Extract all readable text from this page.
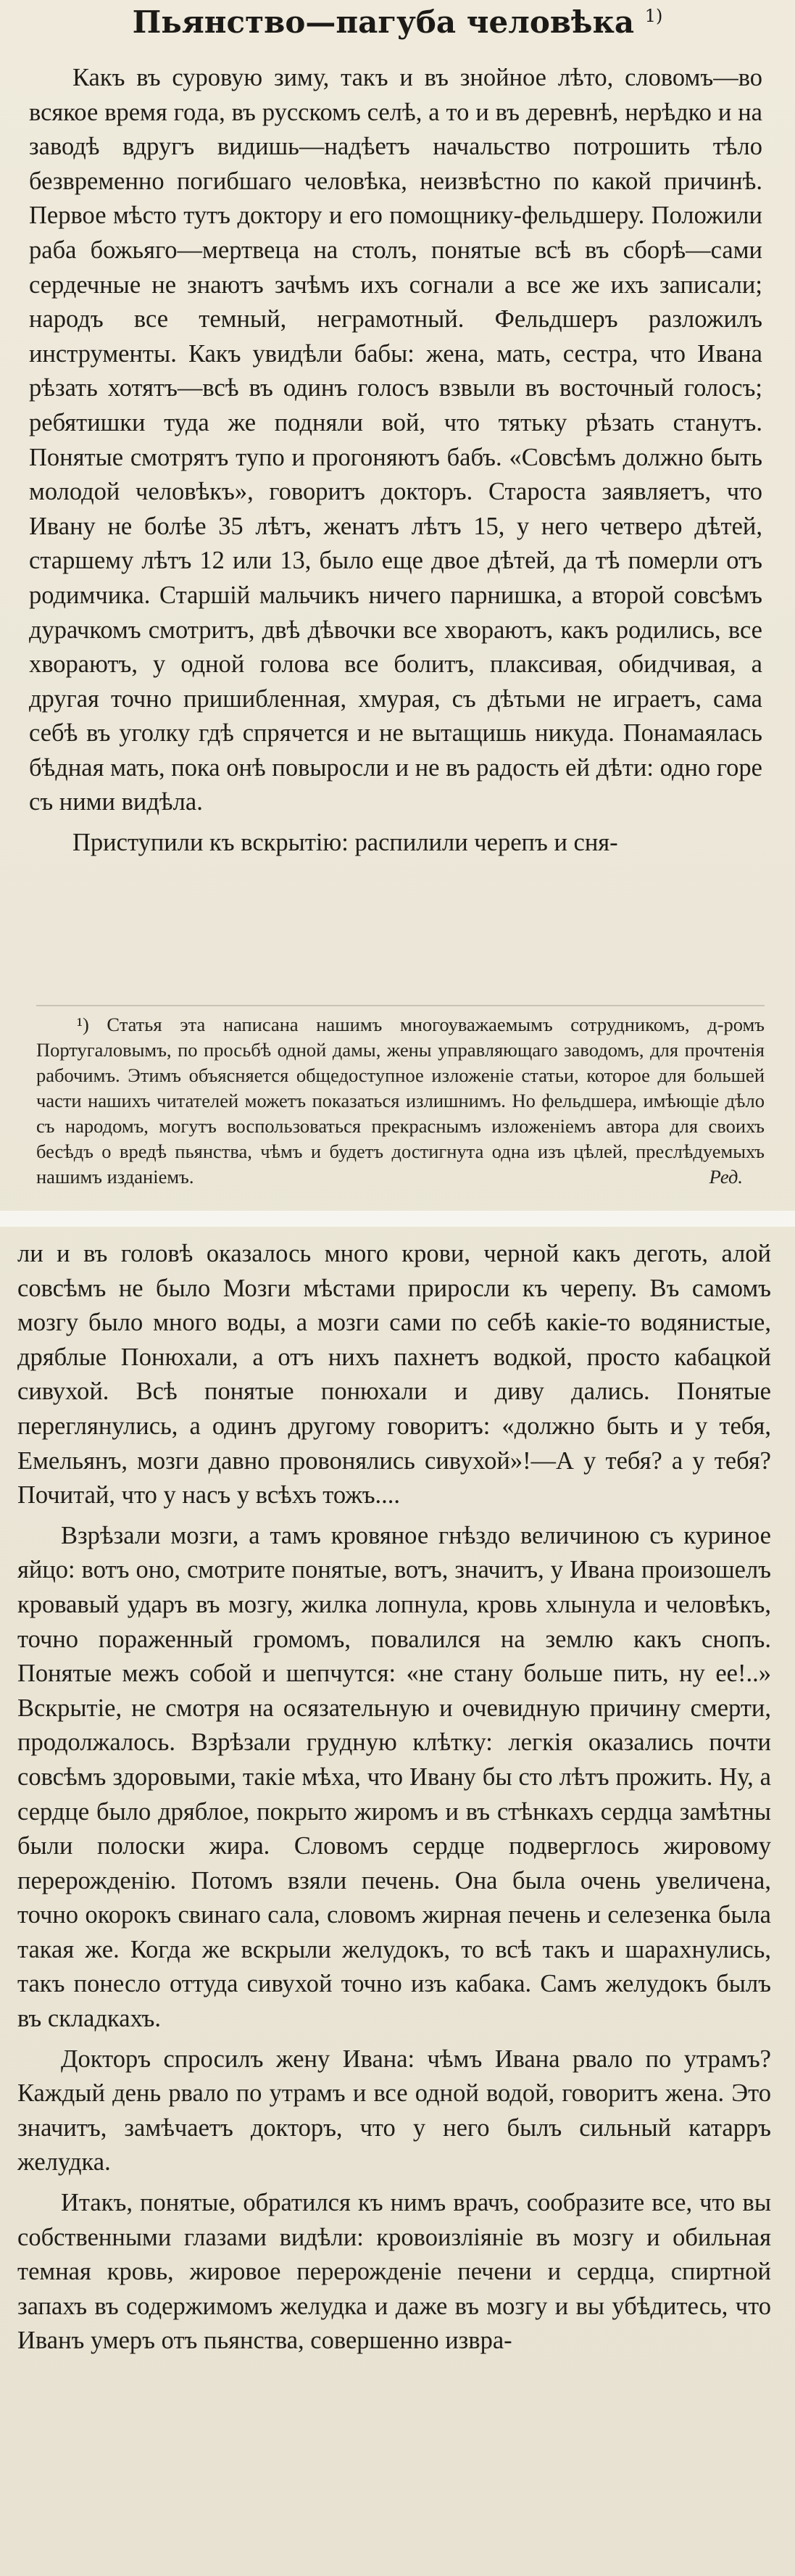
Пьянство—пагуба человѣка $^{1)}$

Какъ въ суровую зиму, такъ и въ знойное лѣто, словомъ—во всякое время года, въ русскомъ селѣ, а то и въ деревнѣ, нерѣдко и на заводѣ вдругъ видишь—надѣетъ начальство потрошить тѣло безвременно погибшаго человѣка, неизвѣстно по какой причинѣ. Первое мѣсто тутъ доктору и его помощнику-фельдшеру. Положили раба божьяго—мертвеца на столъ, понятые всѣ въ сборѣ—сами сердечные не знаютъ зачѣмъ ихъ согнали а все же ихъ записали; народъ все темный, неграмотный. Фельдшеръ разложилъ инструменты. Какъ увидѣли бабы: жена, мать, сестра, что Ивана рѣзать хотятъ—всѣ въ одинъ голосъ взвыли въ восточный голосъ; ребятишки туда же подняли вой, что тятьку рѣзать станутъ. Понятые смотрятъ тупо и прогоняютъ бабъ. «Совсѣмъ должно быть молодой человѣкъ», говоритъ докторъ. Староста заявляетъ, что Ивану не болѣе 35 лѣтъ, женатъ лѣтъ 15, у него четверо дѣтей, старшему лѣтъ 12 или 13, было еще двое дѣтей, да тѣ померли отъ родимчика. Старшій мальчикъ ничего парнишка, а второй совсѣмъ дурачкомъ смотритъ, двѣ дѣвочки все хвораютъ, какъ родились, все хвораютъ, у одной голова все болитъ, плаксивая, обидчивая, а другая точно пришибленная, хмурая, съ дѣтьми не играетъ, сама себѣ въ уголку гдѣ спрячется и не вытащишь никуда. Понамаялась бѣдная мать, пока онѣ повыросли и не въ радость ей дѣти: одно горе съ ними видѣла.

Приступили къ вскрытію: распилили черепъ и сня-

¹) Статья эта написана нашимъ многоуважаемымъ сотрудникомъ, д-ромъ Португаловымъ, по просьбѣ одной дамы, жены управляющаго заводомъ, для прочтенія рабочимъ. Этимъ объясняется общедоступное изложеніе статьи, которое для большей части нашихъ читателей можетъ показаться излишнимъ. Но фельдшера, имѣющіе дѣло съ народомъ, могутъ воспользоваться прекраснымъ изложеніемъ автора для своихъ бесѣдъ о вредѣ пьянства, чѣмъ и будетъ достигнута одна изъ цѣлей, преслѣдуемыхъ нашимъ изданіемъ.	Ред.

ли и въ головѣ оказалось много крови, черной какъ деготь, алой совсѣмъ не было Мозги мѣстами приросли къ черепу. Въ самомъ мозгу было много воды, а мозги сами по себѣ какіе-то водянистые, дряблые Понюхали, а отъ нихъ пахнетъ водкой, просто кабацкой сивухой. Всѣ понятые понюхали и диву дались. Понятые переглянулись, а одинъ другому говоритъ: «должно быть и у тебя, Емельянъ, мозги давно провонялись сивухой»!—А у тебя? а у тебя? Почитай, что у насъ у всѣхъ тожъ....

Взрѣзали мозги, а тамъ кровяное гнѣздо величиною съ куриное яйцо: вотъ оно, смотрите понятые, вотъ, значитъ, у Ивана произошелъ кровавый ударъ въ мозгу, жилка лопнула, кровь хлынула и человѣкъ, точно пораженный громомъ, повалился на землю какъ снопъ. Понятые межъ собой и шепчутся: «не стану больше пить, ну ее!..» Вскрытіе, не смотря на осязательную и очевидную причину смерти, продолжалось. Взрѣзали грудную клѣтку: легкія оказались почти совсѣмъ здоровыми, такіе мѣха, что Ивану бы сто лѣтъ прожить. Ну, а сердце было дряблое, покрыто жиромъ и въ стѣнкахъ сердца замѣтны были полоски жира. Словомъ сердце подверглось жировому перерожденію. Потомъ взяли печень. Она была очень увеличена, точно окорокъ свинаго сала, словомъ жирная печень и селезенка была такая же. Когда же вскрыли желудокъ, то всѣ такъ и шарахнулись, такъ понесло оттуда сивухой точно изъ кабака. Самъ желудокъ былъ въ складкахъ.

Докторъ спросилъ жену Ивана: чѣмъ Ивана рвало по утрамъ? Каждый день рвало по утрамъ и все одной водой, говоритъ жена. Это значитъ, замѣчаетъ докторъ, что у него былъ сильный катарръ желудка.

Итакъ, понятые, обратился къ нимъ врачъ, сообразите все, что вы собственными глазами видѣли: кровоизліяніе въ мозгу и обильная темная кровь, жировое перерожденіе печени и сердца, спиртной запахъ въ содержимомъ желудка и даже въ мозгу и вы убѣдитесь, что Иванъ умеръ отъ пьянства, совершенно извра-
